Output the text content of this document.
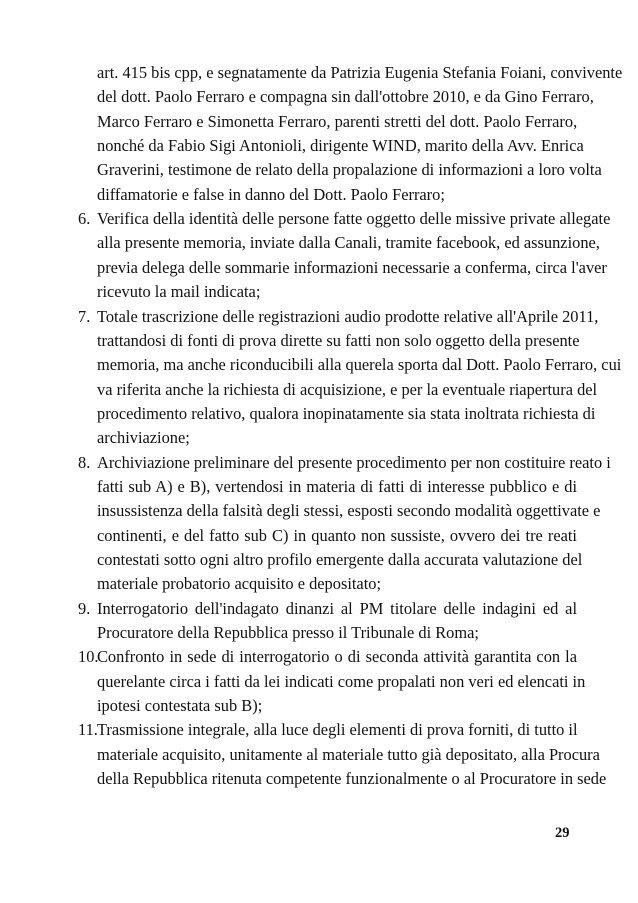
art. 415 bis cpp, e segnatamente da Patrizia Eugenia Stefania Foiani, convivente
del dott. Paolo Ferraro e compagna sin dall'ottobre 2010, e da Gino Ferraro,
Marco Ferraro e Simonetta Ferraro, parenti stretti del dott. Paolo Ferraro,
nonché da Fabio Sigi Antonioli, dirigente WIND, marito della Avv. Enrica
Graverini, testimone de relato della propalazione di informazioni a loro volta
diffamatorie e false in danno del Dott. Paolo Ferraro;
6. Verifica della identità delle persone fatte oggetto delle missive private allegate
alla presente memoria, inviate dalla Canali, tramite facebook, ed assunzione,
previa delega delle sommarie informazioni necessarie a conferma, circa l'aver
ricevuto la mail indicata;
7. Totale trascrizione delle registrazioni audio prodotte relative all'Aprile 2011,
trattandosi di fonti di prova dirette su fatti non solo oggetto della presente
memoria, ma anche riconducibili alla querela sporta dal Dott. Paolo Ferraro, cui
va riferita anche la richiesta di acquisizione, e per la eventuale riapertura del
procedimento relativo, qualora inopinatamente sia stata inoltrata richiesta di
archiviazione;
8. Archiviazione preliminare del presente procedimento per non costituire reato i
fatti sub A) e B), vertendosi in materia di fatti di interesse pubblico e di
insussistenza della falsità degli stessi, esposti secondo modalità oggettivate e
continenti, e del fatto sub C) in quanto non sussiste, ovvero dei tre reati
contestati sotto ogni altro profilo emergente dalla accurata valutazione del
materiale probatorio acquisito e depositato;
9. Interrogatorio dell'indagato dinanzi al PM titolare delle indagini ed al
Procuratore della Repubblica presso il Tribunale di Roma;
10.
Confronto in sede di interrogatorio o di seconda attività garantita con la
querelante circa i fatti da lei indicati come propalati non veri ed elencati in
ipotesi contestata sub B);
11. Trasmissione integrale, alla luce degli elementi di prova forniti, di tutto il
materiale acquisito, unitamente al materiale tutto già depositato, alla Procura
della Repubblica ritenuta competente funzionalmente o al Procuratore in sede
29
